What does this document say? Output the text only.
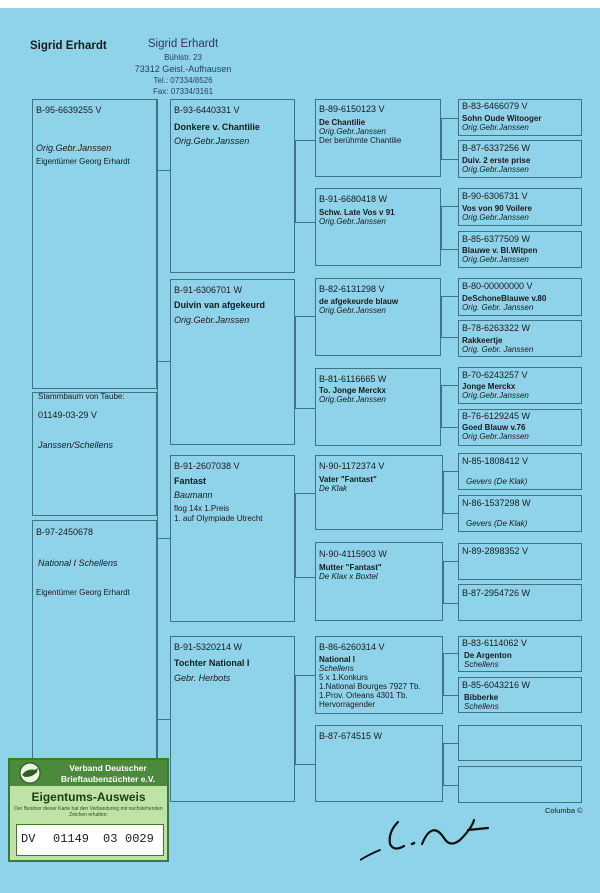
Sigrid Erhardt	Sigrid Erhardt
Bühlstr. 23
73312 Geisl.-Aufhausen
Tel.: 07334/8526
Fax: 07334/3161
B-95-6639255 V
Orig.Gebr.Janssen
Eigentümer Georg Erhardt
Stammbaum von Taube:
01149-03-29 V
Janssen/Schellens
B-97-2450678
National I Schellens
Eigentümer Georg Erhardt
B-93-6440331 V
Donkere v. Chantilie
Orig.Gebr.Janssen
B-91-6306701 W
Duivin van afgekeurd
Orig.Gebr.Janssen
B-91-2607038 V
Fantast
Baumann
flog 14x 1.Preis
1. auf Olympiade Utrecht
B-91-5320214 W
Tochter National I
Gebr. Herbots
B-89-6150123 V
De Chantilie
Orig.Gebr.Janssen
Der berühmte Chantilie
B-91-6680418 W
Schw. Late Vos v 91
Orig.Gebr.Janssen
B-82-6131298 V
de afgekeurde blauw
Orig.Gebr.Janssen
B-81-6116665 W
To. Jonge Merckx
Orig.Gebr.Janssen
N-90-1172374 V
Vater "Fantast"
De Klak
N-90-4115903 W
Mutter "Fantast"
De Klax x Boxtel
B-86-6260314 V
National I
Schellens
5 x 1.Konkurs
1.National Bourges 7927 Tb.
1.Prov. Orleans 4301 Tb.
Hervorragender
B-87-674515 W
B-83-6466079 V
Sohn Oude Witooger
Orig.Gebr.Janssen
B-87-6337256 W
Duiv. 2 erste prise
Orig.Gebr.Janssen
B-90-6306731 V
Vos von 90 Voilere
Orig.Gebr.Janssen
B-85-6377509 W
Blauwe v. Bl.Witpen
Orig.Gebr.Janssen
B-80-00000000 V
DeSchoneBlauwe v.80
Orig. Gebr. Janssen
B-78-6263322 W
Rakkeertje
Orig. Gebr. Janssen
B-70-6243257 V
Jonge Merckx
Orig.Gebr.Janssen
B-76-6129245 W
Goed Blauw v.76
Orig.Gebr.Janssen
N-85-1808412 V
Gevers (De Klak)
N-86-1537298 W
Gevers (De Klak)
N-89-2898352 V
B-87-2954726 W
B-83-6114062 V
De Argenton
Schellens
B-85-6043216 W
Bibberke
Schellens
Columba ©
Verband Deutscher
Brieftaubenzüchter e.V.
Eigentums-Ausweis
Der Besitzer dieser Karte hat den Verbandsring mit nachstehenden Zeichen erhalten:
DV 01149 03 0029
